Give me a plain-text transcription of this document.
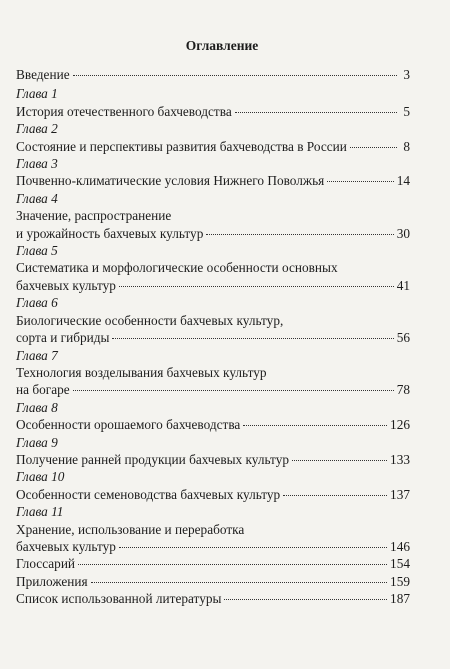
Оглавление
Введение	3
Глава 1
История отечественного бахчеводства	5
Глава 2
Состояние и перспективы развития бахчеводства в России	8
Глава 3
Почвенно-климатические условия Нижнего Поволжья	14
Глава 4
Значение, распространение
и урожайность бахчевых культур	30
Глава 5
Систематика и морфологические особенности основных
бахчевых культур	41
Глава 6
Биологические особенности бахчевых культур,
сорта и гибриды	56
Глава 7
Технология возделывания бахчевых культур
на богаре	78
Глава 8
Особенности орошаемого бахчеводства	126
Глава 9
Получение ранней продукции бахчевых культур	133
Глава 10
Особенности семеноводства бахчевых культур	137
Глава 11
Хранение, использование и переработка
бахчевых культур	146
Глоссарий	154
Приложения	159
Список использованной литературы	187
